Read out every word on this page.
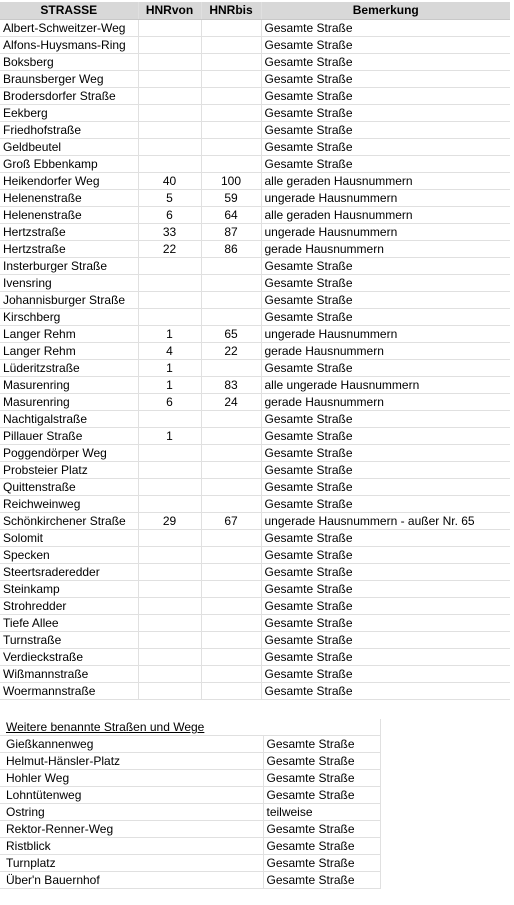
STRASSE	HNRvon	HNRbis	Bemerkung
Albert-Schweitzer-Weg			Gesamte Straße
Alfons-Huysmans-Ring			Gesamte Straße
Boksberg			Gesamte Straße
Braunsberger Weg			Gesamte Straße
Brodersdorfer Straße			Gesamte Straße
Eekberg			Gesamte Straße
Friedhofstraße			Gesamte Straße
Geldbeutel			Gesamte Straße
Groß Ebbenkamp			Gesamte Straße
Heikendorfer Weg	40	100	alle geraden Hausnummern
Helenenstraße	5	59	ungerade Hausnummern
Helenenstraße	6	64	alle geraden Hausnummern
Hertzstraße	33	87	ungerade Hausnummern
Hertzstraße	22	86	gerade Hausnummern
Insterburger Straße			Gesamte Straße
Ivensring			Gesamte Straße
Johannisburger Straße			Gesamte Straße
Kirschberg			Gesamte Straße
Langer Rehm	1	65	ungerade Hausnummern
Langer Rehm	4	22	gerade Hausnummern
Lüderitzstraße	1		Gesamte Straße
Masurenring	1	83	alle ungerade Hausnummern
Masurenring	6	24	gerade Hausnummern
Nachtigalstraße			Gesamte Straße
Pillauer Straße	1		Gesamte Straße
Poggendörper Weg			Gesamte Straße
Probsteier Platz			Gesamte Straße
Quittenstraße			Gesamte Straße
Reichweinweg			Gesamte Straße
Schönkirchener Straße	29	67	ungerade Hausnummern - außer Nr. 65
Solomit			Gesamte Straße
Specken			Gesamte Straße
Steertsraderedder			Gesamte Straße
Steinkamp			Gesamte Straße
Strohredder			Gesamte Straße
Tiefe Allee			Gesamte Straße
Turnstraße			Gesamte Straße
Verdieckstraße			Gesamte Straße
Wißmannstraße			Gesamte Straße
Woermannstraße			Gesamte Straße
Weitere benannte Straßen und Wege	
Gießkannenweg	Gesamte Straße
Helmut-Hänsler-Platz	Gesamte Straße
Hohler Weg	Gesamte Straße
Lohntütenweg	Gesamte Straße
Ostring	teilweise
Rektor-Renner-Weg	Gesamte Straße
Ristblick	Gesamte Straße
Turnplatz	Gesamte Straße
Über'n Bauernhof	Gesamte Straße
